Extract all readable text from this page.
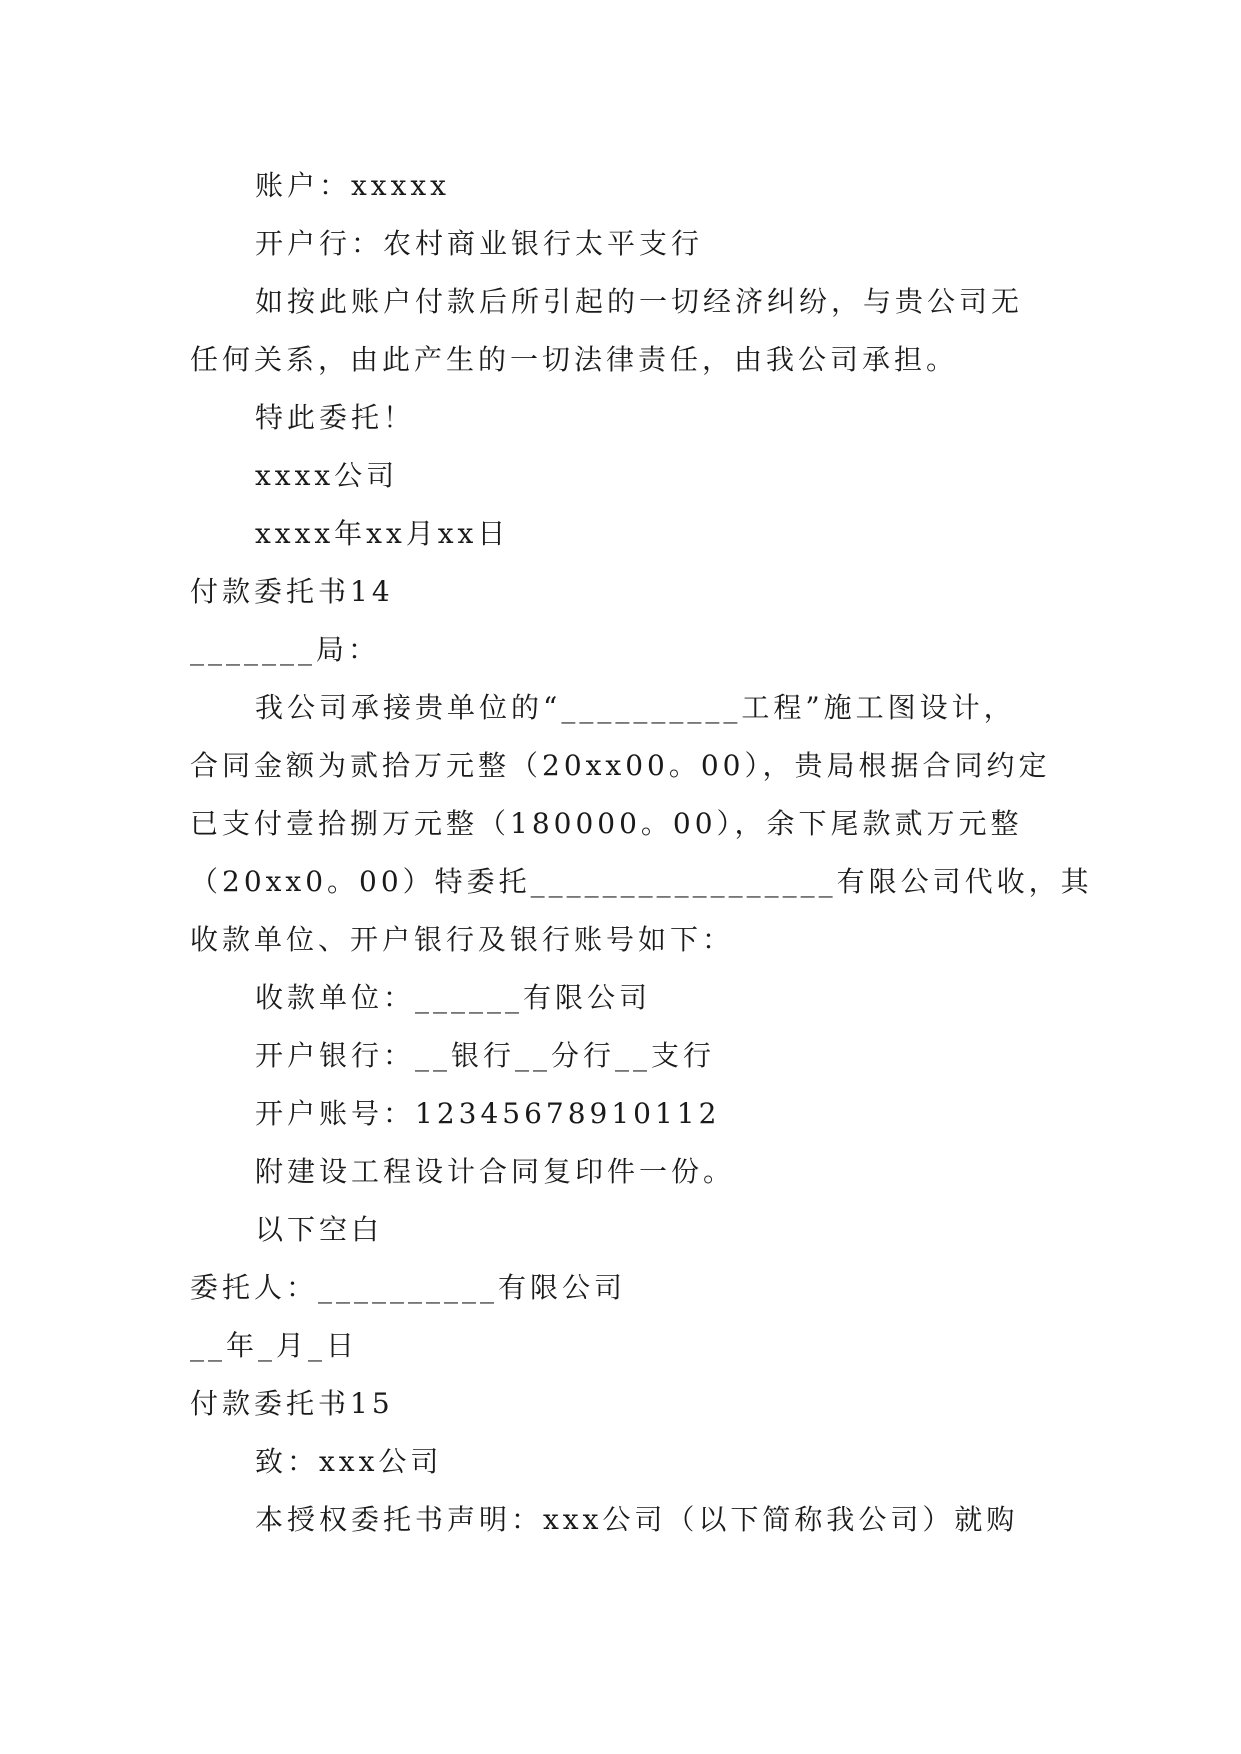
账户：xxxxx
开户行：农村商业银行太平支行
如按此账户付款后所引起的一切经济纠纷，与贵公司无
任何关系，由此产生的一切法律责任，由我公司承担。
特此委托！
xxxx公司
xxxx年xx月xx日
付款委托书14
_______局：
我公司承接贵单位的“__________工程”施工图设计，
合同金额为贰拾万元整（20xx00。00），贵局根据合同约定
已支付壹拾捌万元整（180000。00），余下尾款贰万元整
（20xx0。00）特委托_________________有限公司代收，其
收款单位、开户银行及银行账号如下：
收款单位：______有限公司
开户银行：__银行__分行__支行
开户账号：12345678910112
附建设工程设计合同复印件一份。
以下空白
委托人：__________有限公司
__年_月_日
付款委托书15
致：xxx公司
本授权委托书声明：xxx公司（以下简称我公司）就购
